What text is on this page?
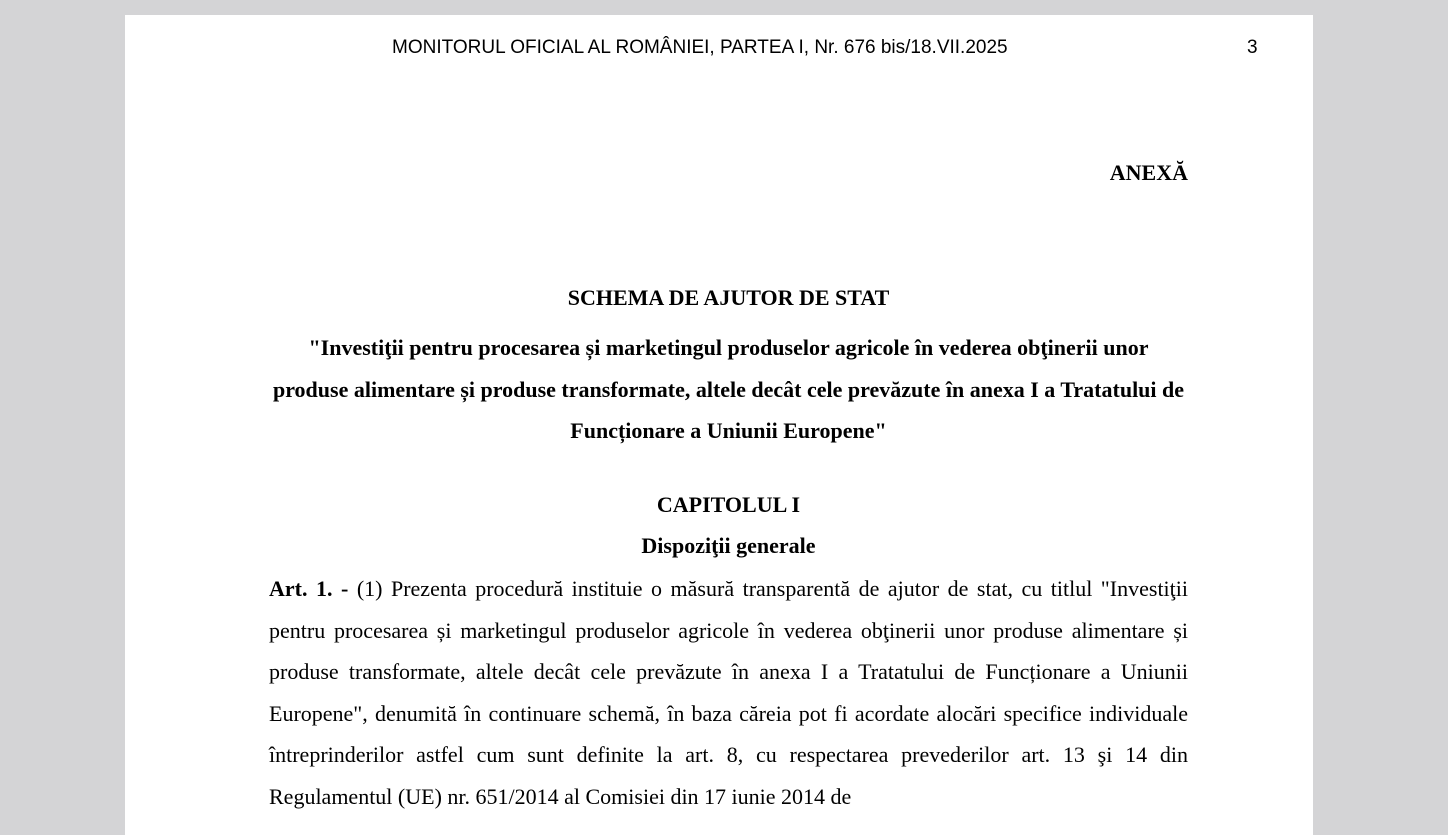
MONITORUL OFICIAL AL ROMÂNIEI, PARTEA I, Nr. 676 bis/18.VII.2025	3
ANEXĂ
SCHEMA DE AJUTOR DE STAT
"Investiţii pentru procesarea și marketingul produselor agricole în vederea obţinerii unor produse alimentare și produse transformate, altele decât cele prevăzute în anexa I a Tratatului de Funcționare a Uniunii Europene"
CAPITOLUL I
Dispoziţii generale
Art. 1. - (1) Prezenta procedură instituie o măsură transparentă de ajutor de stat, cu titlul "Investiţii pentru procesarea și marketingul produselor agricole în vederea obţinerii unor produse alimentare și produse transformate, altele decât cele prevăzute în anexa I a Tratatului de Funcționare a Uniunii Europene", denumită în continuare schemă, în baza căreia pot fi acordate alocări specifice individuale întreprinderilor astfel cum sunt definite la art. 8, cu respectarea prevederilor art. 13 şi 14 din Regulamentul (UE) nr. 651/2014 al Comisiei din 17 iunie 2014 de
